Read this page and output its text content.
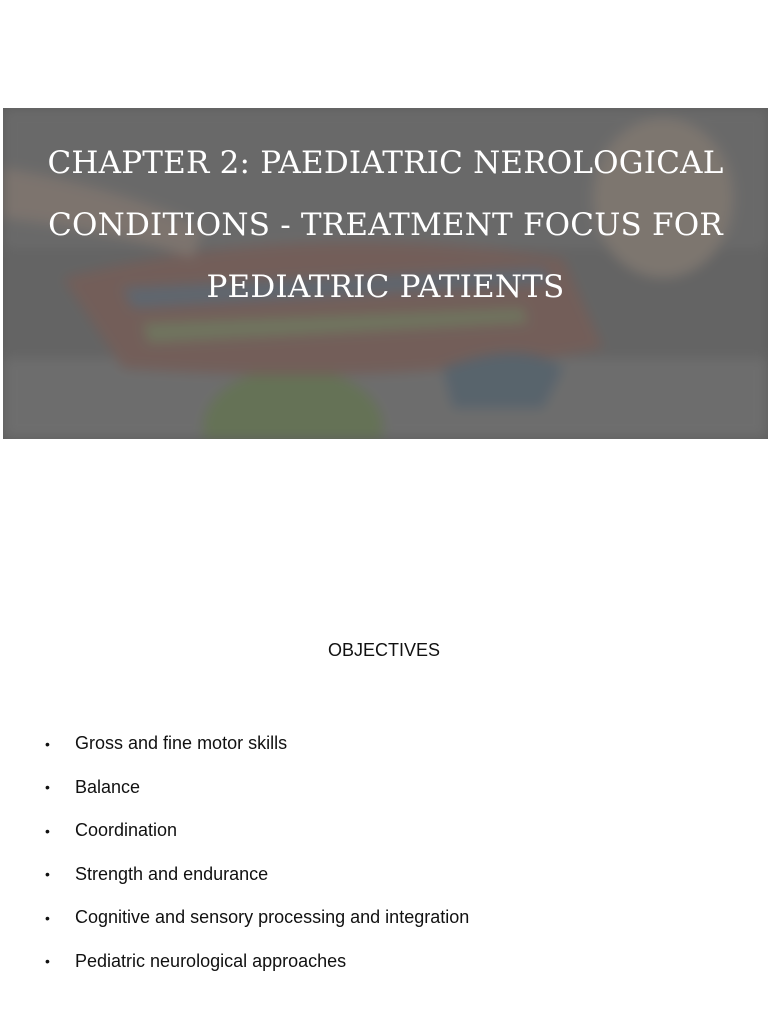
CHAPTER 2: PAEDIATRIC NEROLOGICAL CONDITIONS - TREATMENT FOCUS FOR PEDIATRIC PATIENTS
OBJECTIVES
•	Gross and fine motor skills
•	Balance
•	Coordination
•	Strength and endurance
•	Cognitive and sensory processing and integration
•	Pediatric neurological approaches
